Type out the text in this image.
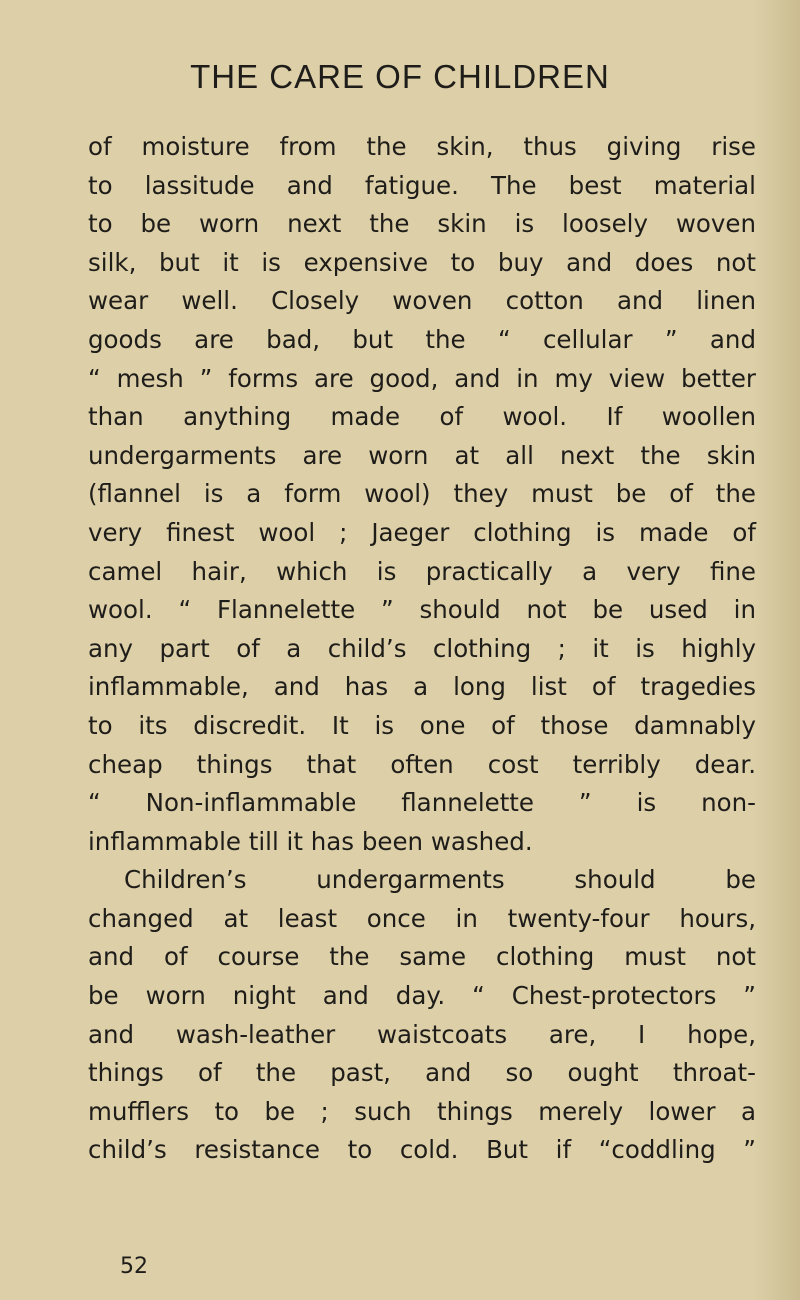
THE CARE OF CHILDREN
of moisture from the skin, thus giving rise
to lassitude and fatigue. The best material
to be worn next the skin is loosely woven
silk, but it is expensive to buy and does not
wear well. Closely woven cotton and linen
goods are bad, but the “ cellular ” and
“ mesh ” forms are good, and in my view better
than anything made of wool. If woollen
undergarments are worn at all next the skin
(flannel is a form wool) they must be of the
very finest wool ; Jaeger clothing is made of
camel hair, which is practically a very fine
wool. “ Flannelette ” should not be used in
any part of a child’s clothing ; it is highly
inflammable, and has a long list of tragedies
to its discredit. It is one of those damnably
cheap things that often cost terribly dear.
“ Non-inflammable flannelette ” is non-
inflammable till it has been washed.
Children’s undergarments should be
changed at least once in twenty-four hours,
and of course the same clothing must not
be worn night and day. “ Chest-protectors ”
and wash-leather waistcoats are, I hope,
things of the past, and so ought throat-
mufflers to be ; such things merely lower a
child’s resistance to cold. But if “coddling ”
52
